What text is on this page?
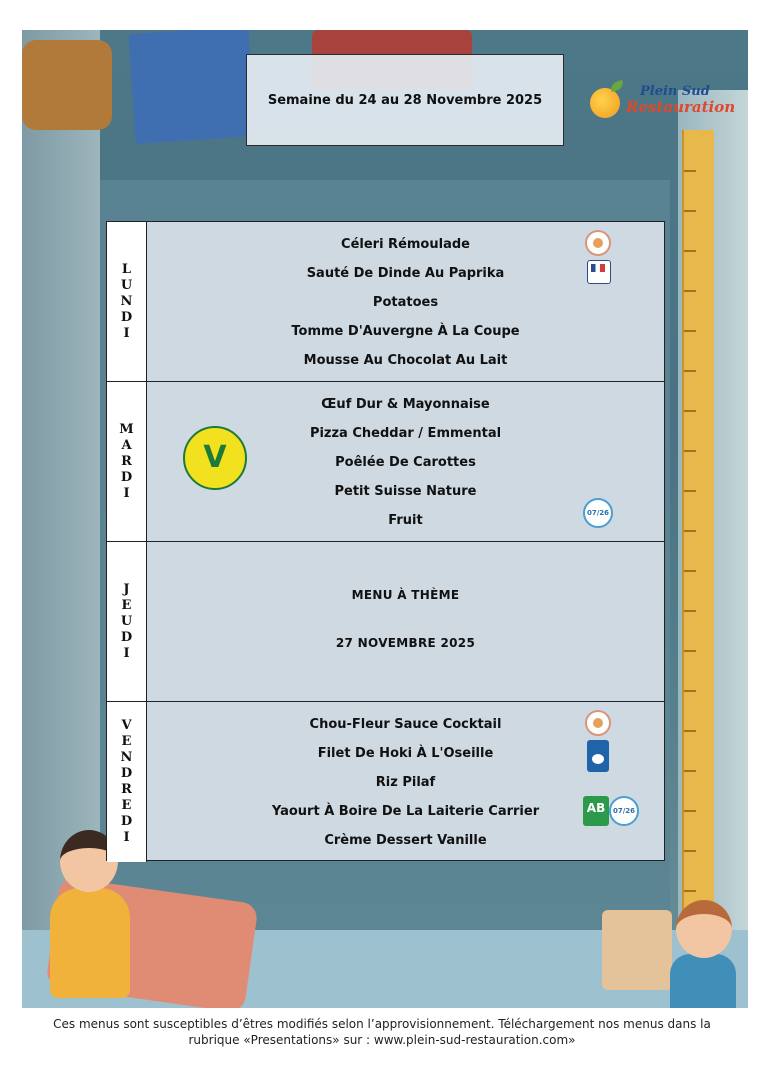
Semaine du 24 au 28 Novembre 2025
Plein Sud
Restauration
L
U
N
D
I
Céleri Rémoulade
Sauté De Dinde Au Paprika
Potatoes
Tomme D'Auvergne À La Coupe
Mousse Au Chocolat Au Lait
M
A
R
D
I
Œuf Dur & Mayonnaise
Pizza Cheddar / Emmental
Poêlée De Carottes
Petit Suisse Nature
Fruit
V
07/26
J
E
U
D
I
MENU À THÈME
27 NOVEMBRE 2025
V
E
N
D
R
E
D
I
Chou-Fleur Sauce Cocktail
Filet De Hoki À L'Oseille
Riz Pilaf
Yaourt À Boire De La Laiterie Carrier
Crème Dessert Vanille
AB	07/26
Ces menus sont susceptibles d’êtres modifiés selon l’approvisionnement. Téléchargement nos menus dans la
rubrique «Presentations» sur : www.plein-sud-restauration.com»
